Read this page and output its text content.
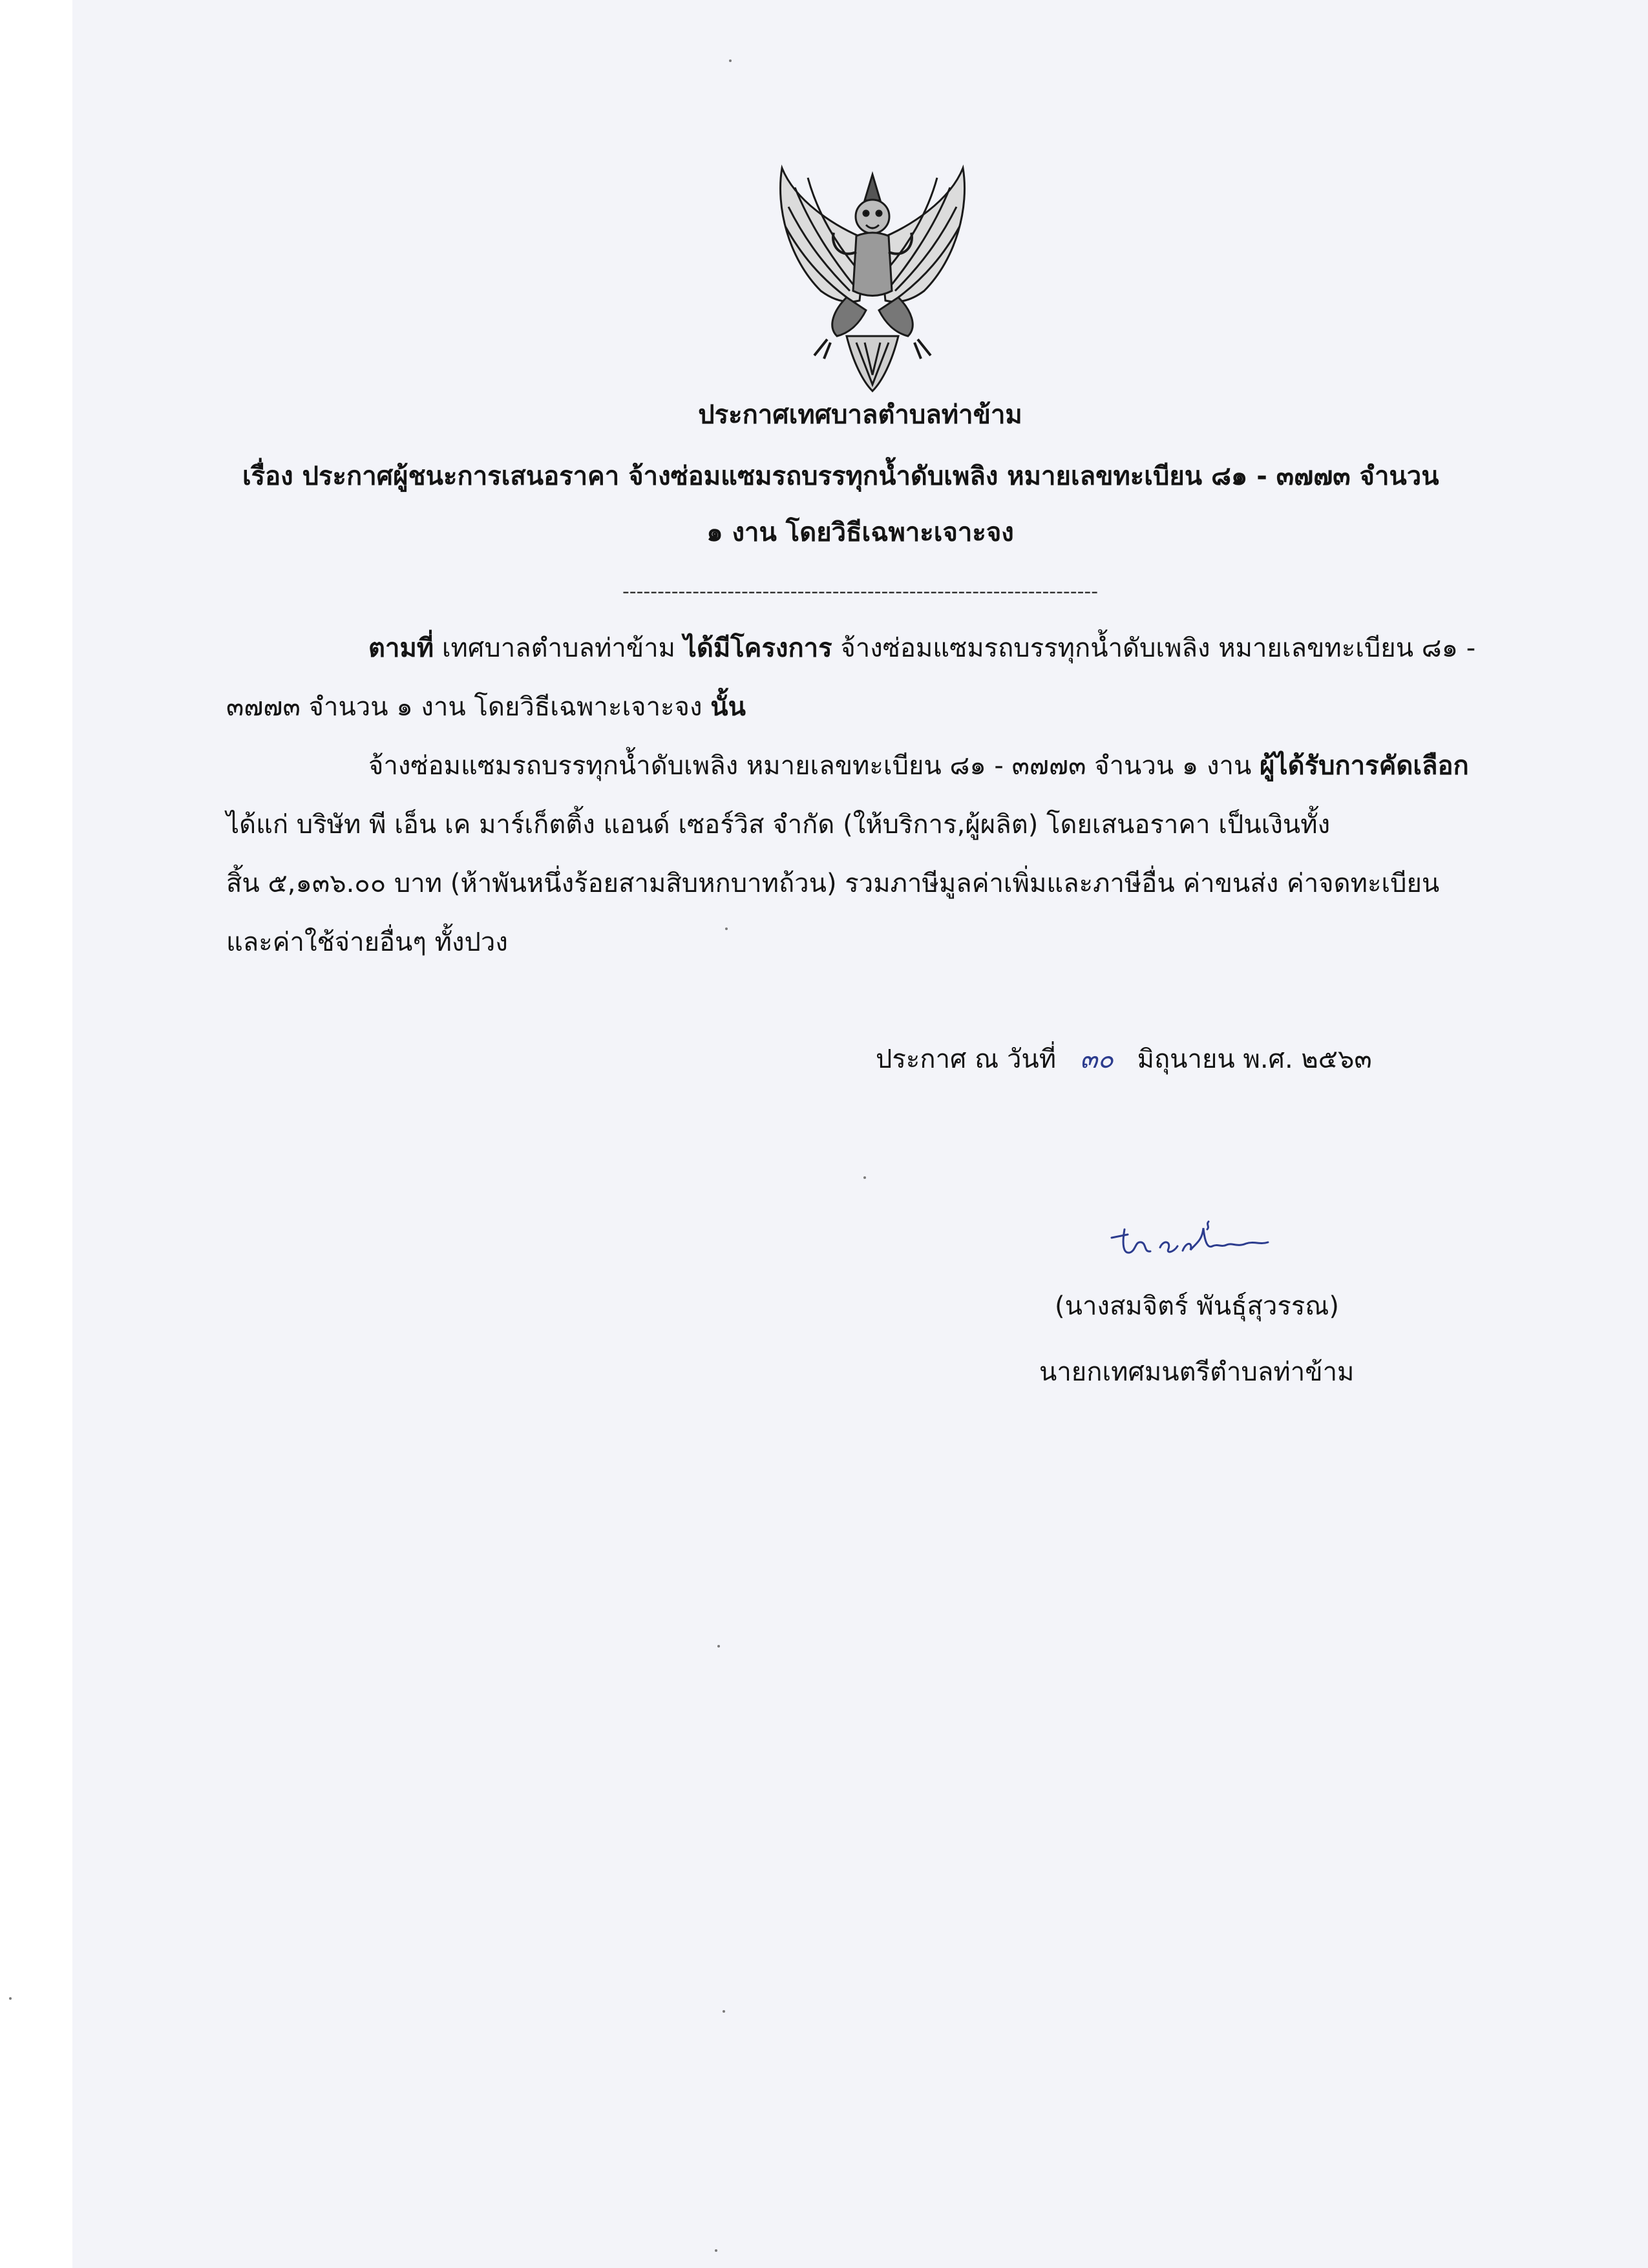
ประกาศเทศบาลตำบลท่าข้าม
เรื่อง ประกาศผู้ชนะการเสนอราคา จ้างซ่อมแซมรถบรรทุกน้ำดับเพลิง หมายเลขทะเบียน ๘๑ - ๓๗๗๓ จำนวน
๑ งาน โดยวิธีเฉพาะเจาะจง
--------------------------------------------------------------------
ตามที่ เทศบาลตำบลท่าข้าม ได้มีโครงการ จ้างซ่อมแซมรถบรรทุกน้ำดับเพลิง หมายเลขทะเบียน ๘๑ -
๓๗๗๓ จำนวน ๑ งาน โดยวิธีเฉพาะเจาะจง นั้น
จ้างซ่อมแซมรถบรรทุกน้ำดับเพลิง หมายเลขทะเบียน ๘๑ - ๓๗๗๓ จำนวน ๑ งาน ผู้ได้รับการคัดเลือก
ได้แก่ บริษัท พี เอ็น เค มาร์เก็ตติ้ง แอนด์ เซอร์วิส จำกัด (ให้บริการ,ผู้ผลิต) โดยเสนอราคา เป็นเงินทั้ง
สิ้น ๕,๑๓๖.๐๐ บาท (ห้าพันหนึ่งร้อยสามสิบหกบาทถ้วน) รวมภาษีมูลค่าเพิ่มและภาษีอื่น ค่าขนส่ง ค่าจดทะเบียน
และค่าใช้จ่ายอื่นๆ ทั้งปวง
ประกาศ ณ วันที่ ๓๐ มิถุนายน พ.ศ. ๒๕๖๓
(นางสมจิตร์ พันธุ์สุวรรณ)
นายกเทศมนตรีตำบลท่าข้าม
